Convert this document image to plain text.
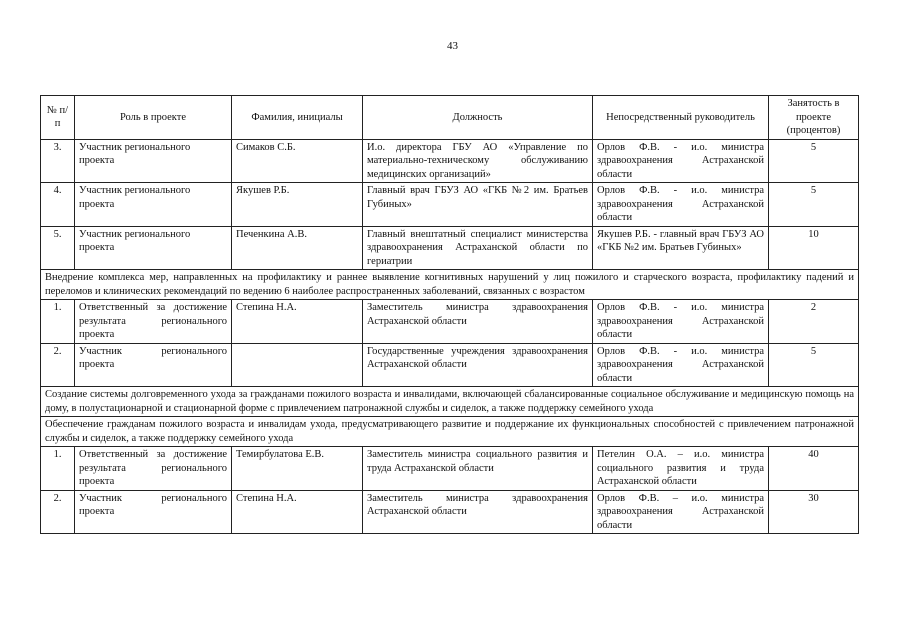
43
№ п/п	Роль в проекте	Фамилия, инициалы	Должность	Непосредственный руководитель	Занятость в проекте (процентов)
3.	Участник регионального проекта	Симаков С.Б.	И.о. директора ГБУ АО «Управление по материально-техническому обслуживанию медицинских организаций»	Орлов Ф.В. - и.о. министра здравоохранения Астраханской области	5
4.	Участник регионального проекта	Якушев Р.Б.	Главный врач ГБУЗ АО «ГКБ №2 им. Братьев Губиных»	Орлов Ф.В. - и.о. министра здравоохранения Астраханской области	5
5.	Участник регионального проекта	Печенкина А.В.	Главный внештатный специалист министерства здравоохранения Астраханской области по гериатрии	Якушев Р.Б. - главный врач ГБУЗ АО «ГКБ №2 им. Братьев Губиных»	10
Внедрение комплекса мер, направленных на профилактику и раннее выявление когнитивных нарушений у лиц пожилого и старческого возраста, профилактику падений и переломов и клинических рекомендаций по ведению 6 наиболее распространенных заболеваний, связанных с возрастом					
1.	Ответственный за достижение результата регионального проекта	Степина Н.А.	Заместитель министра здравоохранения Астраханской области	Орлов Ф.В. - и.о. министра здравоохранения Астраханской области	2
2.	Участник регионального проекта		Государственные учреждения здравоохранения Астраханской области	Орлов Ф.В. - и.о. министра здравоохранения Астраханской области	5
Создание системы долговременного ухода за гражданами пожилого возраста и инвалидами, включающей сбалансированные социальное обслуживание и медицинскую помощь на дому, в полустационарной и стационарной форме с привлечением патронажной службы и сиделок, а также поддержку семейного ухода					
Обеспечение гражданам пожилого возраста и инвалидам ухода, предусматривающего развитие и поддержание их функциональных способностей с привлечением патронажной службы и сиделок, а также поддержку семейного ухода					
1.	Ответственный за достижение результата регионального проекта	Темирбулатова Е.В.	Заместитель министра социального развития и труда Астраханской области	Петелин О.А. – и.о. министра социального развития и труда Астраханской области	40
2.	Участник регионального проекта	Степина Н.А.	Заместитель министра здравоохранения Астраханской области	Орлов Ф.В. – и.о. министра здравоохранения Астраханской области	30
